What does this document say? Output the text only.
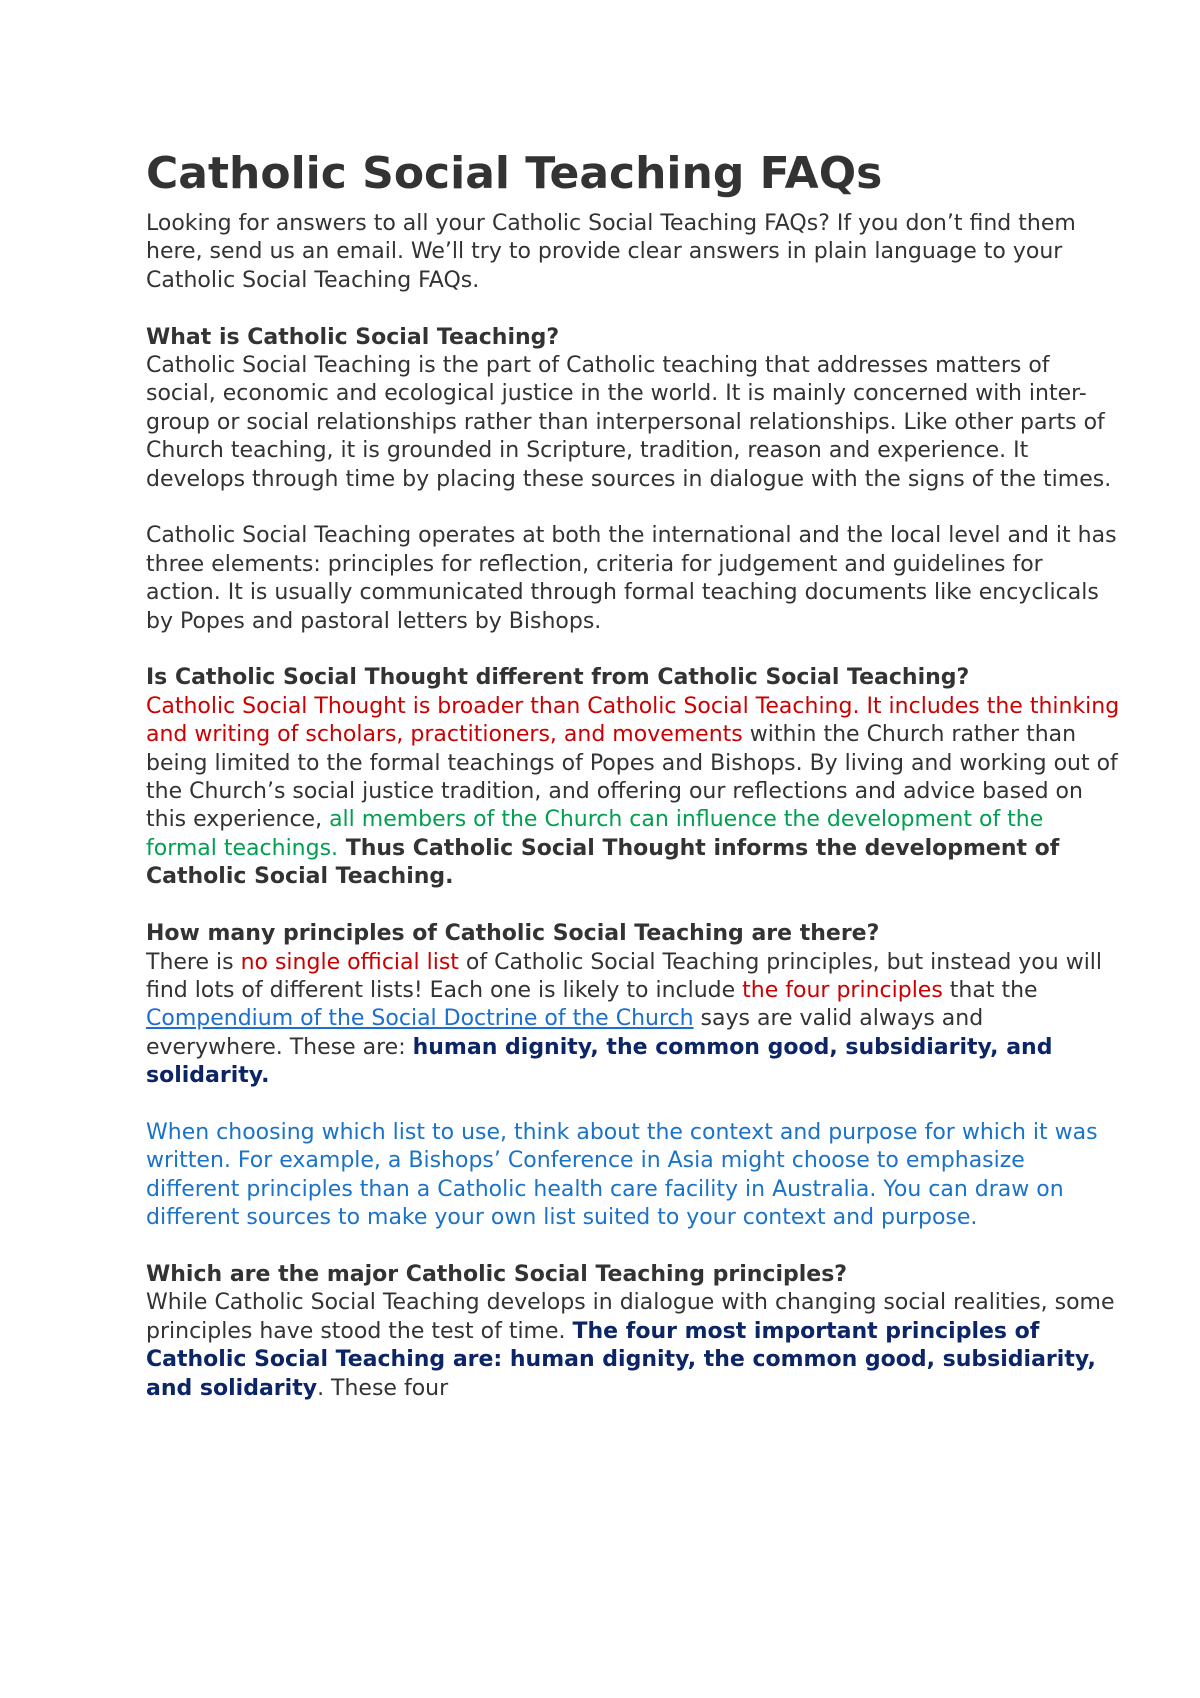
Catholic Social Teaching FAQs

Looking for answers to all your Catholic Social Teaching FAQs? If you don’t find them here, send us an email. We’ll try to provide clear answers in plain language to your Catholic Social Teaching FAQs.

What is Catholic Social Teaching?

Catholic Social Teaching is the part of Catholic teaching that addresses matters of social, economic and ecological justice in the world. It is mainly concerned with inter-group or social relationships rather than interpersonal relationships. Like other parts of Church teaching, it is grounded in Scripture, tradition, reason and experience. It develops through time by placing these sources in dialogue with the signs of the times.

Catholic Social Teaching operates at both the international and the local level and it has three elements: principles for reflection, criteria for judgement and guidelines for action. It is usually communicated through formal teaching documents like encyclicals by Popes and pastoral letters by Bishops.

Is Catholic Social Thought different from Catholic Social Teaching?

Catholic Social Thought is broader than Catholic Social Teaching. It includes the thinking and writing of scholars, practitioners, and movements within the Church rather than being limited to the formal teachings of Popes and Bishops. By living and working out of the Church’s social justice tradition, and offering our reflections and advice based on this experience, all members of the Church can influence the development of the formal teachings. Thus Catholic Social Thought informs the development of Catholic Social Teaching.

How many principles of Catholic Social Teaching are there?

There is no single official list of Catholic Social Teaching principles, but instead you will find lots of different lists! Each one is likely to include the four principles that the Compendium of the Social Doctrine of the Church says are valid always and everywhere. These are: human dignity, the common good, subsidiarity, and solidarity.

When choosing which list to use, think about the context and purpose for which it was written. For example, a Bishops’ Conference in Asia might choose to emphasize different principles than a Catholic health care facility in Australia. You can draw on different sources to make your own list suited to your context and purpose.

Which are the major Catholic Social Teaching principles?

While Catholic Social Teaching develops in dialogue with changing social realities, some principles have stood the test of time. The four most important principles of Catholic Social Teaching are: human dignity, the common good, subsidiarity, and solidarity. These four
